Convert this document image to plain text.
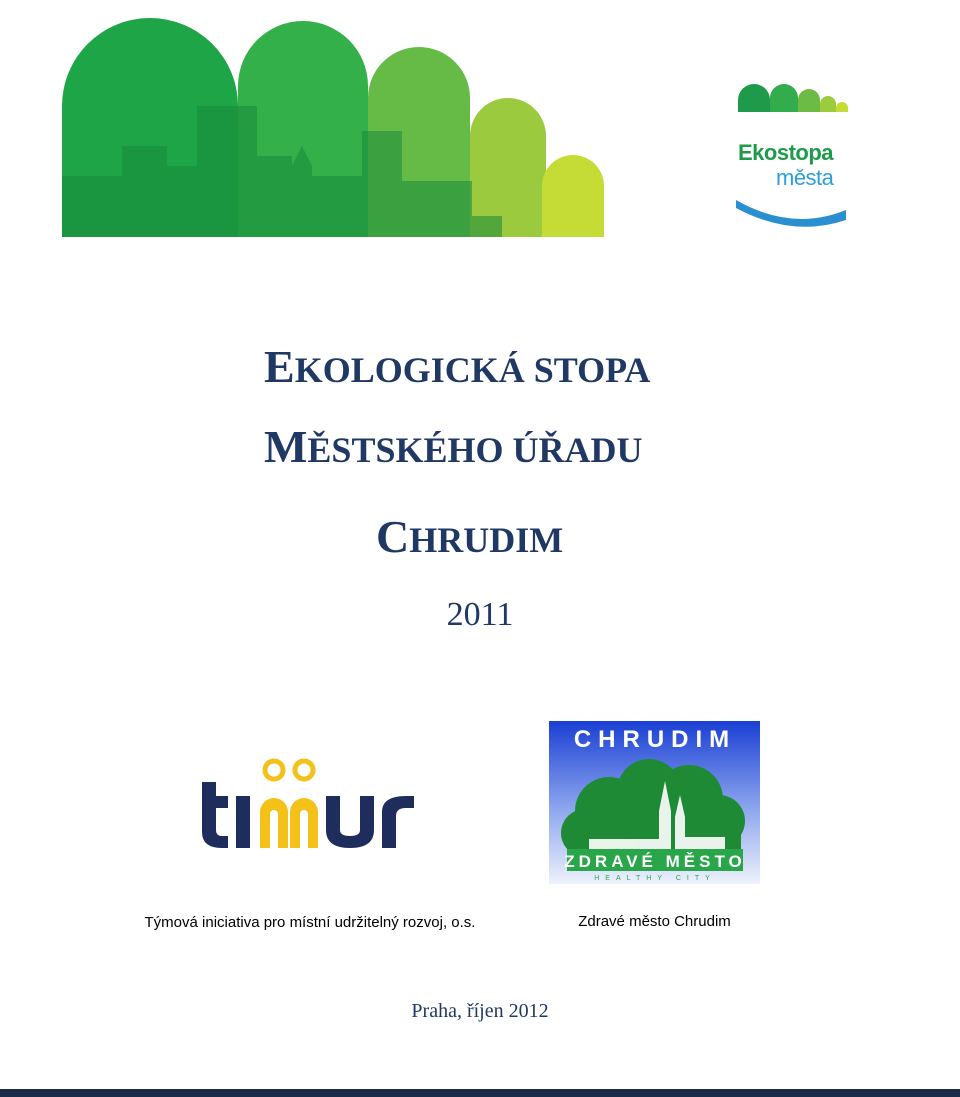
Ekostopa
města
EKOLOGICKÁ STOPA
MĚSTSKÉHO ÚŘADU
CHRUDIM
2011
CHRUDIM
ZDRAVÉ MĚSTO
HEALTHY CITY
Týmová iniciativa pro místní udržitelný rozvoj, o.s.	Zdravé město Chrudim
Praha, říjen 2012
